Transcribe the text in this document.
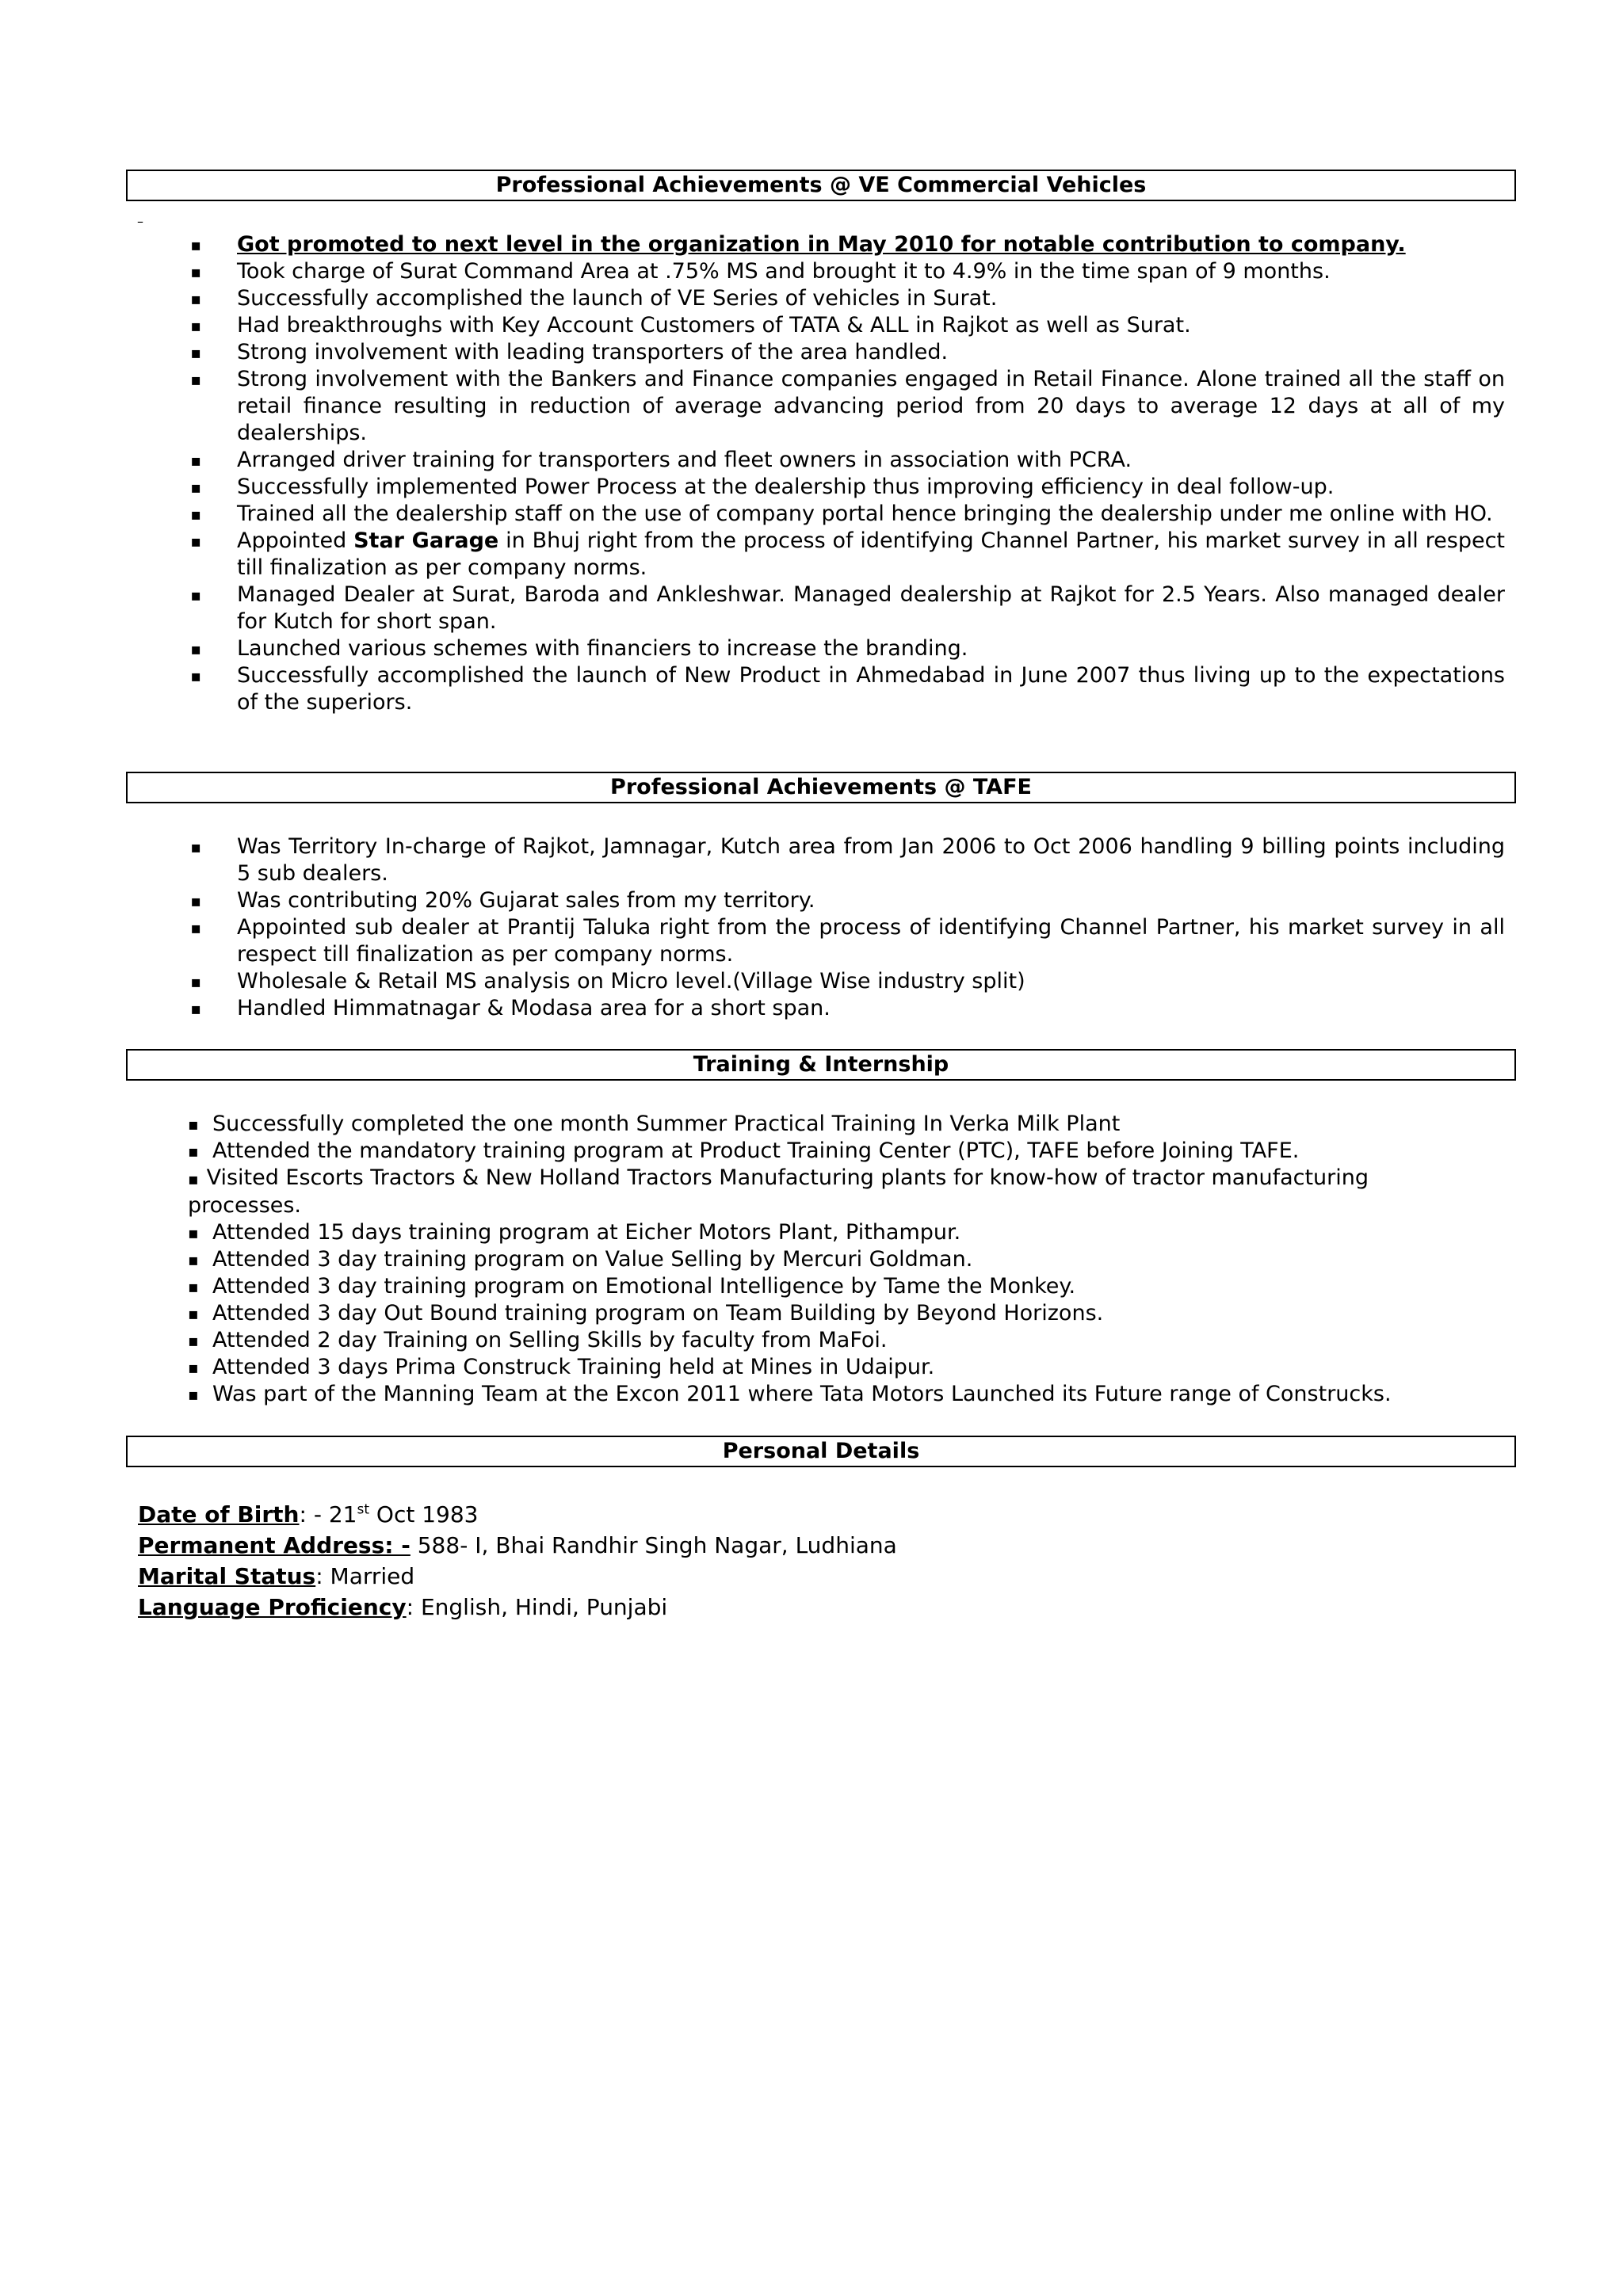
Professional Achievements @ VE Commercial Vehicles
–
▪ Got promoted to next level in the organization in May 2010 for notable contribution to company.
▪ Took charge of Surat Command Area at .75% MS and brought it to 4.9% in the time span of 9 months.
▪ Successfully accomplished the launch of VE Series of vehicles in Surat.
▪ Had breakthroughs with Key Account Customers of TATA & ALL in Rajkot as well as Surat.
▪ Strong involvement with leading transporters of the area handled.
▪ Strong involvement with the Bankers and Finance companies engaged in Retail Finance. Alone trained all the staff on retail finance resulting in reduction of average advancing period from 20 days to average 12 days at all of my dealerships.
▪ Arranged driver training for transporters and fleet owners in association with PCRA.
▪ Successfully implemented Power Process at the dealership thus improving efficiency in deal follow-up.
▪ Trained all the dealership staff on the use of company portal hence bringing the dealership under me online with HO.
▪ Appointed Star Garage in Bhuj right from the process of identifying Channel Partner, his market survey in all respect till finalization as per company norms.
▪ Managed Dealer at Surat, Baroda and Ankleshwar. Managed dealership at Rajkot for 2.5 Years. Also managed dealer for Kutch for short span.
▪ Launched various schemes with financiers to increase the branding.
▪ Successfully accomplished the launch of New Product in Ahmedabad in June 2007 thus living up to the expectations of the superiors.
Professional Achievements @ TAFE
▪ Was Territory In-charge of Rajkot, Jamnagar, Kutch area from Jan 2006 to Oct 2006 handling 9 billing points including 5 sub dealers.
▪ Was contributing 20% Gujarat sales from my territory.
▪ Appointed sub dealer at Prantij Taluka right from the process of identifying Channel Partner, his market survey in all respect till finalization as per company norms.
▪ Wholesale & Retail MS analysis on Micro level.(Village Wise industry split)
▪ Handled Himmatnagar & Modasa area for a short span.
Training & Internship
▪ Successfully completed the one month Summer Practical Training In Verka Milk Plant
▪ Attended the mandatory training program at Product Training Center (PTC), TAFE before Joining TAFE.
▪ Visited Escorts Tractors & New Holland Tractors Manufacturing plants for know-how of tractor manufacturing processes.
▪ Attended 15 days training program at Eicher Motors Plant, Pithampur.
▪ Attended 3 day training program on Value Selling by Mercuri Goldman.
▪ Attended 3 day training program on Emotional Intelligence by Tame the Monkey.
▪ Attended 3 day Out Bound training program on Team Building by Beyond Horizons.
▪ Attended 2 day Training on Selling Skills by faculty from MaFoi.
▪ Attended 3 days Prima Construck Training held at Mines in Udaipur.
▪ Was part of the Manning Team at the Excon 2011 where Tata Motors Launched its Future range of Construcks.
Personal Details
Date of Birth: - 21st Oct 1983
Permanent Address: - 588- I, Bhai Randhir Singh Nagar, Ludhiana
Marital Status: Married
Language Proficiency: English, Hindi, Punjabi
